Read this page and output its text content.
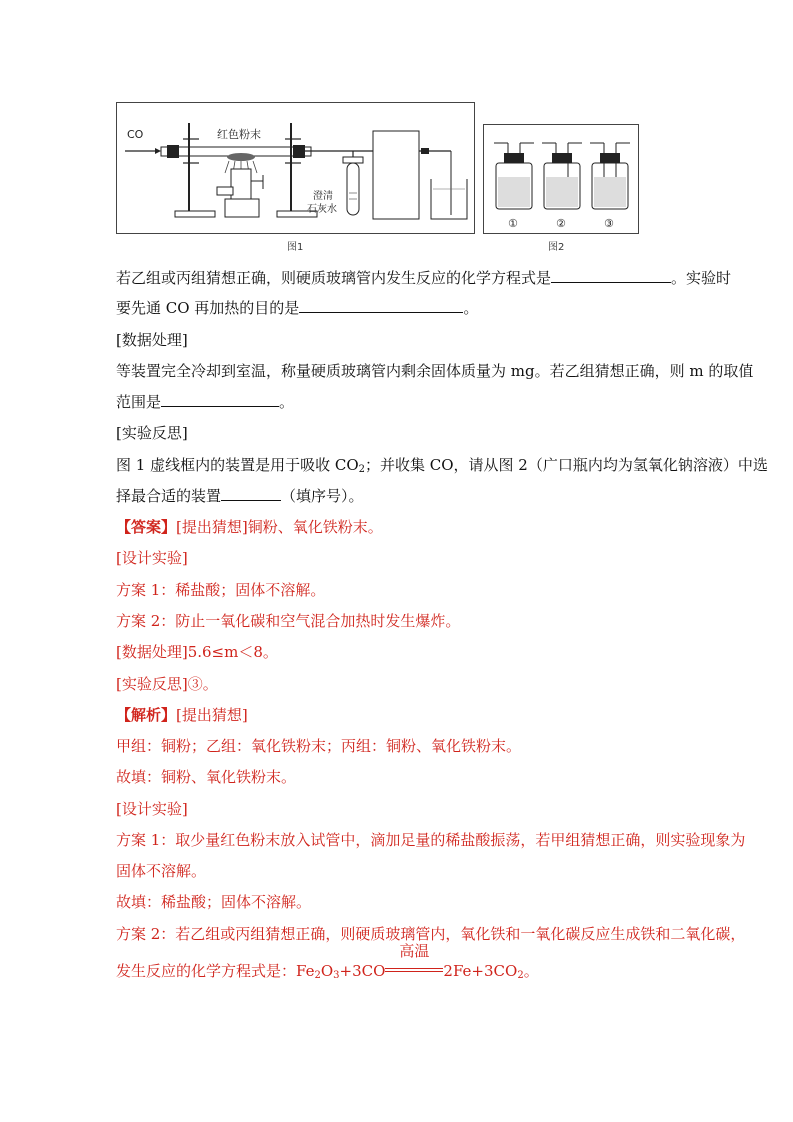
CO	红色粉末
澄清
石灰水
图1
①	②	③
图2
若乙组或丙组猜想正确，则硬质玻璃管内发生反应的化学方程式是	。实验时
要先通 CO 再加热的目的是	。
[数据处理]
等装置完全冷却到室温，称量硬质玻璃管内剩余固体质量为 mg。若乙组猜想正确，则 m 的取值
范围是	。
[实验反思]
图 1 虚线框内的装置是用于吸收 $CO_2$；并收集 CO，请从图 2（广口瓶内均为氢氧化钠溶液）中选
择最合适的装置	（填序号）。
【答案】[提出猜想]铜粉、氧化铁粉末。
[设计实验]
方案 1：稀盐酸；固体不溶解。
方案 2：防止一氧化碳和空气混合加热时发生爆炸。
[数据处理]5.6≤m＜8。
[实验反思]③。
【解析】[提出猜想]
甲组：铜粉；乙组：氧化铁粉末；丙组：铜粉、氧化铁粉末。
故填：铜粉、氧化铁粉末。
[设计实验]
方案 1：取少量红色粉末放入试管中，滴加足量的稀盐酸振荡，若甲组猜想正确，则实验现象为
固体不溶解。
故填：稀盐酸；固体不溶解。
方案 2：若乙组或丙组猜想正确，则硬质玻璃管内，氧化铁和一氧化碳反应生成铁和二氧化碳，
发生反应的化学方程式是：$Fe_2O_3+3CO$
高温
$2Fe+3CO_2$。
